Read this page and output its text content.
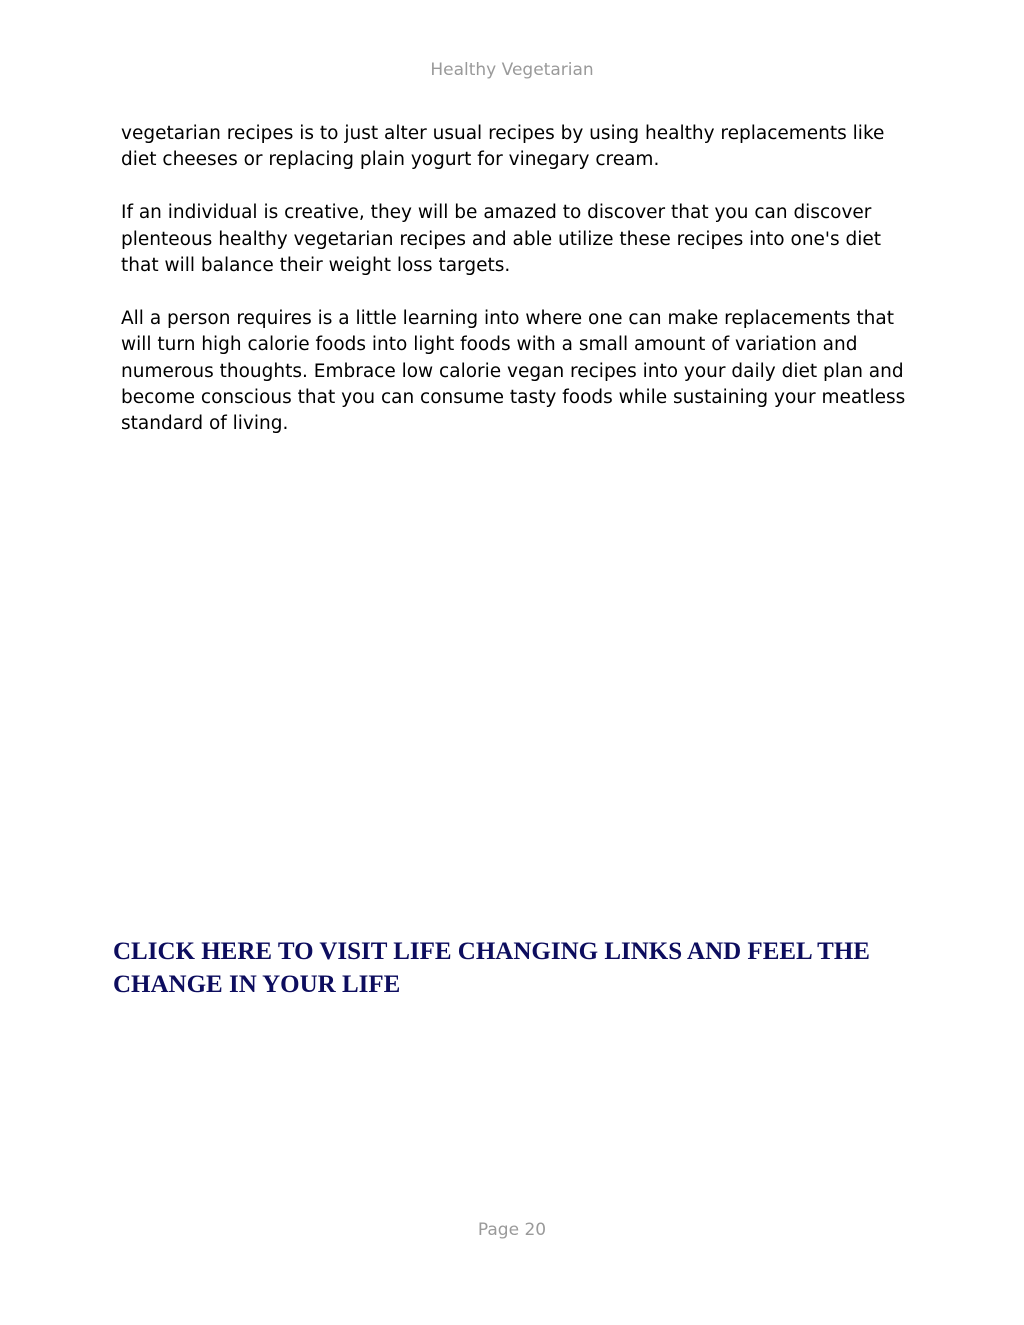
Healthy Vegetarian

vegetarian recipes is to just alter usual recipes by using healthy replacements like diet cheeses or replacing plain yogurt for vinegary cream.

If an individual is creative, they will be amazed to discover that you can discover plenteous healthy vegetarian recipes and able utilize these recipes into one's diet that will balance their weight loss targets.

All a person requires is a little learning into where one can make replacements that will turn high calorie foods into light foods with a small amount of variation and numerous thoughts. Embrace low calorie vegan recipes into your daily diet plan and become conscious that you can consume tasty foods while sustaining your meatless standard of living.

CLICK HERE TO VISIT LIFE CHANGING LINKS AND FEEL THE CHANGE IN YOUR LIFE
Page 20
